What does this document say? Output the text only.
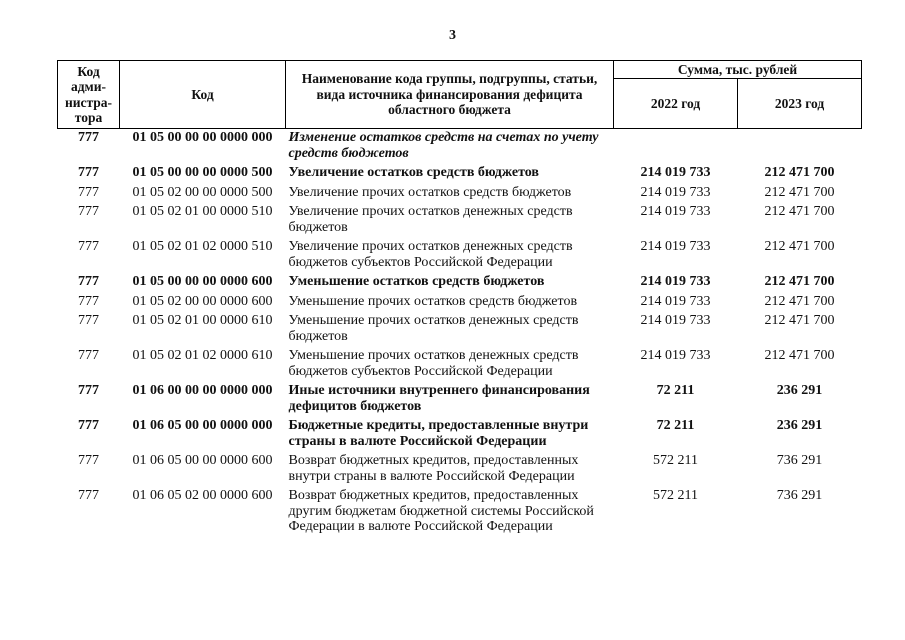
3
Код
адми-
нистра-
тора	Код	Наименование кода группы, подгруппы, статьи, вида источника финансирования дефицита областного бюджета	Сумма, тыс. рублей	
			2022 год	2023 год
777	01 05 00 00 00 0000 000	Изменение остатков средств на счетах по учету средств бюджетов		
777	01 05 00 00 00 0000 500	Увеличение остатков средств бюджетов	214 019 733	212 471 700
777	01 05 02 00 00 0000 500	Увеличение прочих остатков средств бюджетов	214 019 733	212 471 700
777	01 05 02 01 00 0000 510	Увеличение прочих остатков денежных средств бюджетов	214 019 733	212 471 700
777	01 05 02 01 02 0000 510	Увеличение прочих остатков денежных средств бюджетов субъектов Российской Федерации	214 019 733	212 471 700
777	01 05 00 00 00 0000 600	Уменьшение остатков средств бюджетов	214 019 733	212 471 700
777	01 05 02 00 00 0000 600	Уменьшение прочих остатков средств бюджетов	214 019 733	212 471 700
777	01 05 02 01 00 0000 610	Уменьшение прочих остатков денежных средств бюджетов	214 019 733	212 471 700
777	01 05 02 01 02 0000 610	Уменьшение прочих остатков денежных средств бюджетов субъектов Российской Федерации	214 019 733	212 471 700
777	01 06 00 00 00 0000 000	Иные источники внутреннего финансирования дефицитов бюджетов	72 211	236 291
777	01 06 05 00 00 0000 000	Бюджетные кредиты, предоставленные внутри страны в валюте Российской Федерации	72 211	236 291
777	01 06 05 00 00 0000 600	Возврат бюджетных кредитов, предоставленных внутри страны в валюте Российской Федерации	572 211	736 291
777	01 06 05 02 00 0000 600	Возврат бюджетных кредитов, предоставленных другим бюджетам бюджетной системы Российской Федерации в валюте Российской Федерации	572 211	736 291
